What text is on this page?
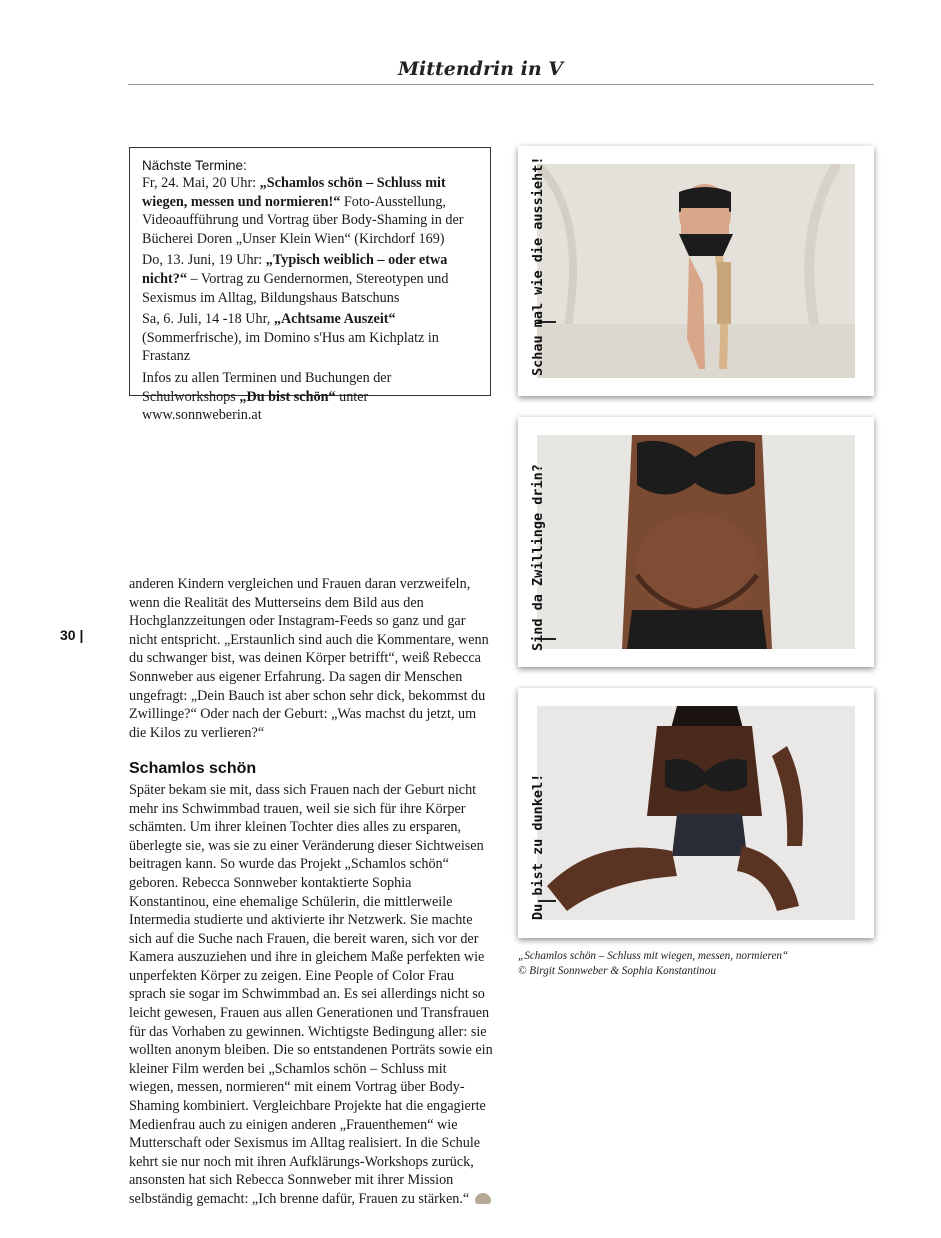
Mittendrin in V
30 |
Nächste Termine:

Fr, 24. Mai, 20 Uhr: „Schamlos schön – Schluss mit wiegen, messen und normieren!“ Foto-Ausstellung, Videoaufführung und Vortrag über Body-Shaming in der Bücherei Doren „Unser Klein Wien“ (Kirchdorf 169)

Do, 13. Juni, 19 Uhr: „Typisch weiblich – oder etwa nicht?“ – Vortrag zu Gendernormen, Stereotypen und Sexismus im Alltag, Bildungshaus Batschuns

Sa, 6. Juli, 14 -18 Uhr, „Achtsame Auszeit“ (Sommerfrische), im Domino s'Hus am Kichplatz in Frastanz

Infos zu allen Terminen und Buchungen der Schulworkshops „Du bist schön“ unter www.sonnweberin.at

anderen Kindern vergleichen und Frauen daran verzweifeln, wenn die Realität des Mutterseins dem Bild aus den Hochglanzzeitungen oder Instagram-Feeds so ganz und gar nicht entspricht. „Erstaunlich sind auch die Kommentare, wenn du schwanger bist, was deinen Körper betrifft“, weiß Rebecca Sonnweber aus eigener Erfahrung. Da sagen dir Menschen ungefragt: „Dein Bauch ist aber schon sehr dick, bekommst du Zwillinge?“ Oder nach der Geburt: „Was machst du jetzt, um die Kilos zu verlieren?“

Schamlos schön

Später bekam sie mit, dass sich Frauen nach der Geburt nicht mehr ins Schwimmbad trauen, weil sie sich für ihre Körper schämten. Um ihrer kleinen Tochter dies alles zu ersparen, überlegte sie, was sie zu einer Veränderung dieser Sichtweisen beitragen kann. So wurde das Projekt „Schamlos schön“ geboren. Rebecca Sonnweber kontaktierte Sophia Konstantinou, eine ehemalige Schülerin, die mittlerweile Intermedia studierte und aktivierte ihr Netzwerk. Sie machte sich auf die Suche nach Frauen, die bereit waren, sich vor der Kamera auszuziehen und ihre in gleichem Maße perfekten wie unperfekten Körper zu zeigen. Eine People of Color Frau sprach sie sogar im Schwimmbad an. Es sei allerdings nicht so leicht gewesen, Frauen aus allen Generationen und Transfrauen für das Vorhaben zu gewinnen. Wichtigste Bedingung aller: sie wollten anonym bleiben. Die so entstandenen Porträts sowie ein kleiner Film werden bei „Schamlos schön – Schluss mit wiegen, messen, normieren“ mit einem Vortrag über Body-Shaming kombiniert. Vergleichbare Projekte hat die engagierte Medienfrau auch zu einigen anderen „Frauenthemen“ wie Mutterschaft oder Sexismus im Alltag realisiert. In die Schule kehrt sie nur noch mit ihren Aufklärungs-Workshops zurück, ansonsten hat sich Rebecca Sonnweber mit ihrer Mission selbständig gemacht: „Ich brenne dafür, Frauen zu stärken.“

Schau mal wie die aussieht!
Sind da Zwillinge drin?
Du bist zu dunkel!
„Schamlos schön – Schluss mit wiegen, messen, normieren“
© Birgit Sonnweber & Sophia Konstantinou
